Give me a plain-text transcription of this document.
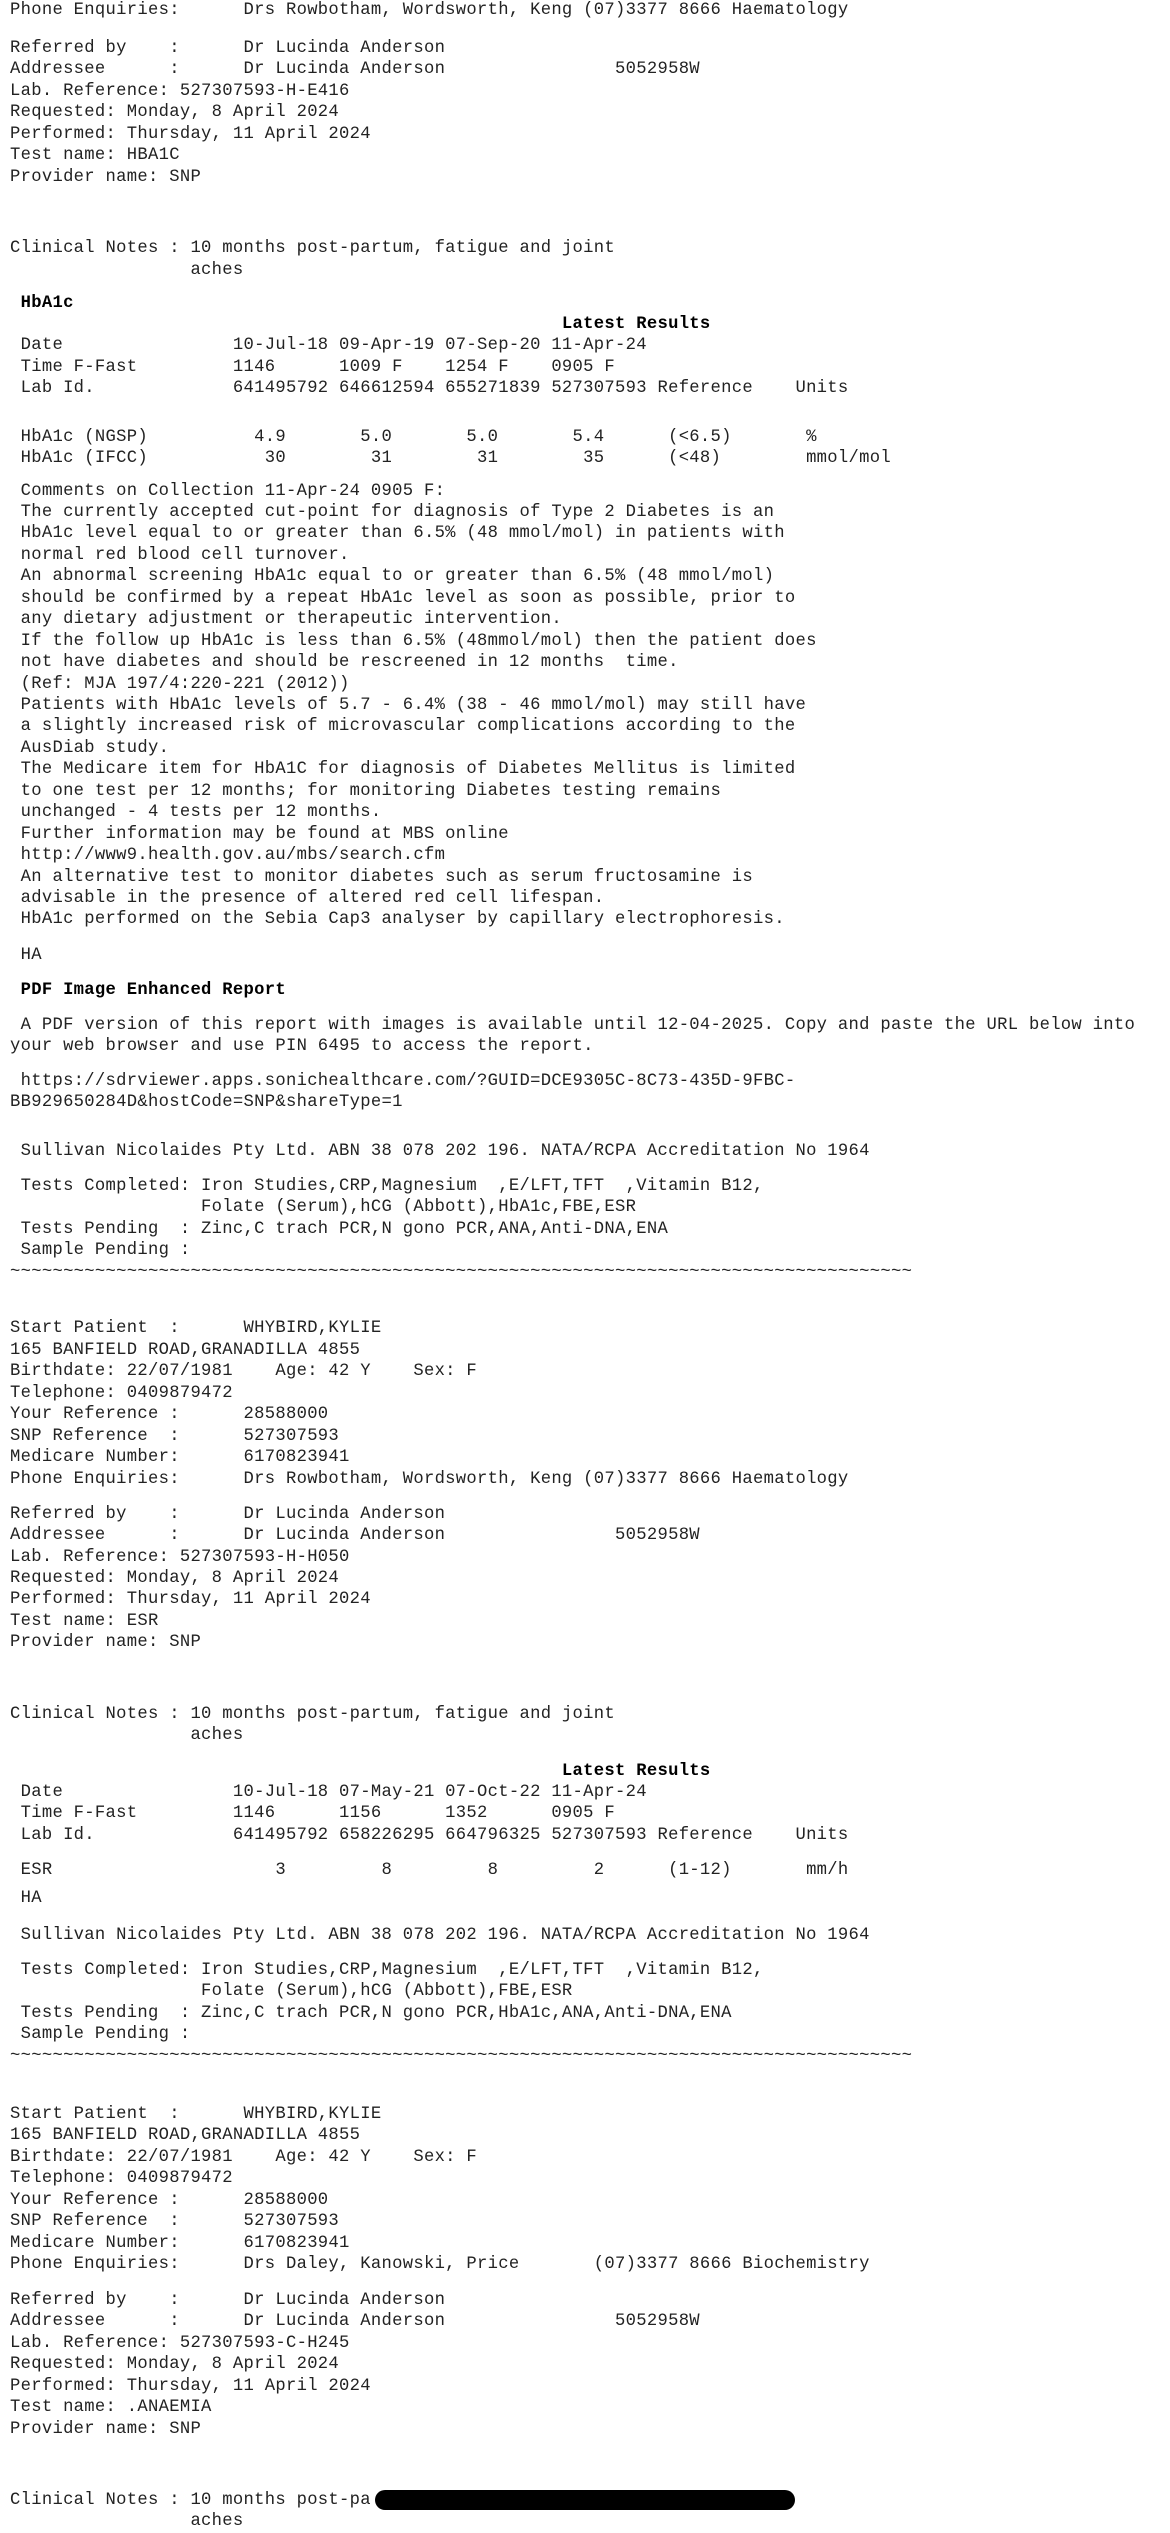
Phone Enquiries:      Drs Rowbotham, Wordsworth, Keng (07)3377 8666 Haematology
Referred by    :      Dr Lucinda Anderson
Addressee      :      Dr Lucinda Anderson                5052958W
Lab. Reference: 527307593-H-E416
Requested: Monday, 8 April 2024
Performed: Thursday, 11 April 2024
Test name: HBA1C
Provider name: SNP
Clinical Notes : 10 months post-partum, fatigue and joint
aches
HbA1c
Latest Results
Date                10-Jul-18 09-Apr-19 07-Sep-20 11-Apr-24
Time F-Fast         1146      1009 F    1254 F    0905 F
Lab Id.             641495792 646612594 655271839 527307593 Reference    Units
HbA1c (NGSP)          4.9       5.0       5.0       5.4      (<6.5)       %
HbA1c (IFCC)           30        31        31        35      (<48)        mmol/mol
Comments on Collection 11-Apr-24 0905 F:
The currently accepted cut-point for diagnosis of Type 2 Diabetes is an
HbA1c level equal to or greater than 6.5% (48 mmol/mol) in patients with
normal red blood cell turnover.
An abnormal screening HbA1c equal to or greater than 6.5% (48 mmol/mol)
should be confirmed by a repeat HbA1c level as soon as possible, prior to
any dietary adjustment or therapeutic intervention.
If the follow up HbA1c is less than 6.5% (48mmol/mol) then the patient does
not have diabetes and should be rescreened in 12 months  time.
(Ref: MJA 197/4:220-221 (2012))
Patients with HbA1c levels of 5.7 - 6.4% (38 - 46 mmol/mol) may still have
a slightly increased risk of microvascular complications according to the
AusDiab study.
The Medicare item for HbA1C for diagnosis of Diabetes Mellitus is limited
to one test per 12 months; for monitoring Diabetes testing remains
unchanged - 4 tests per 12 months.
Further information may be found at MBS online
http://www9.health.gov.au/mbs/search.cfm
An alternative test to monitor diabetes such as serum fructosamine is
advisable in the presence of altered red cell lifespan.
HbA1c performed on the Sebia Cap3 analyser by capillary electrophoresis.
HA
PDF Image Enhanced Report
A PDF version of this report with images is available until 12-04-2025. Copy and paste the URL below into
your web browser and use PIN 6495 to access the report.
https://sdrviewer.apps.sonichealthcare.com/?GUID=DCE9305C-8C73-435D-9FBC-
BB929650284D&hostCode=SNP&shareType=1
Sullivan Nicolaides Pty Ltd. ABN 38 078 202 196. NATA/RCPA Accreditation No 1964
Tests Completed: Iron Studies,CRP,Magnesium  ,E/LFT,TFT  ,Vitamin B12,
Folate (Serum),hCG (Abbott),HbA1c,FBE,ESR
Tests Pending  : Zinc,C trach PCR,N gono PCR,ANA,Anti-DNA,ENA
Sample Pending :
~~~~~~~~~~~~~~~~~~~~~~~~~~~~~~~~~~~~~~~~~~~~~~~~~~~~~~~~~~~~~~~~~~~~~~~~~~~~~~~~~~~~~
Start Patient  :      WHYBIRD,KYLIE
165 BANFIELD ROAD,GRANADILLA 4855
Birthdate: 22/07/1981    Age: 42 Y    Sex: F
Telephone: 0409879472
Your Reference :      28588000
SNP Reference  :      527307593
Medicare Number:      6170823941
Phone Enquiries:      Drs Rowbotham, Wordsworth, Keng (07)3377 8666 Haematology
Referred by    :      Dr Lucinda Anderson
Addressee      :      Dr Lucinda Anderson                5052958W
Lab. Reference: 527307593-H-H050
Requested: Monday, 8 April 2024
Performed: Thursday, 11 April 2024
Test name: ESR
Provider name: SNP
Clinical Notes : 10 months post-partum, fatigue and joint
aches
Latest Results
Date                10-Jul-18 07-May-21 07-Oct-22 11-Apr-24
Time F-Fast         1146      1156      1352      0905 F
Lab Id.             641495792 658226295 664796325 527307593 Reference    Units
ESR                     3         8         8         2      (1-12)       mm/h
HA
Sullivan Nicolaides Pty Ltd. ABN 38 078 202 196. NATA/RCPA Accreditation No 1964
Tests Completed: Iron Studies,CRP,Magnesium  ,E/LFT,TFT  ,Vitamin B12,
Folate (Serum),hCG (Abbott),FBE,ESR
Tests Pending  : Zinc,C trach PCR,N gono PCR,HbA1c,ANA,Anti-DNA,ENA
Sample Pending :
~~~~~~~~~~~~~~~~~~~~~~~~~~~~~~~~~~~~~~~~~~~~~~~~~~~~~~~~~~~~~~~~~~~~~~~~~~~~~~~~~~~~~
Start Patient  :      WHYBIRD,KYLIE
165 BANFIELD ROAD,GRANADILLA 4855
Birthdate: 22/07/1981    Age: 42 Y    Sex: F
Telephone: 0409879472
Your Reference :      28588000
SNP Reference  :      527307593
Medicare Number:      6170823941
Phone Enquiries:      Drs Daley, Kanowski, Price       (07)3377 8666 Biochemistry
Referred by    :      Dr Lucinda Anderson
Addressee      :      Dr Lucinda Anderson                5052958W
Lab. Reference: 527307593-C-H245
Requested: Monday, 8 April 2024
Performed: Thursday, 11 April 2024
Test name: .ANAEMIA
Provider name: SNP
Clinical Notes : 10 months post-pa
aches
